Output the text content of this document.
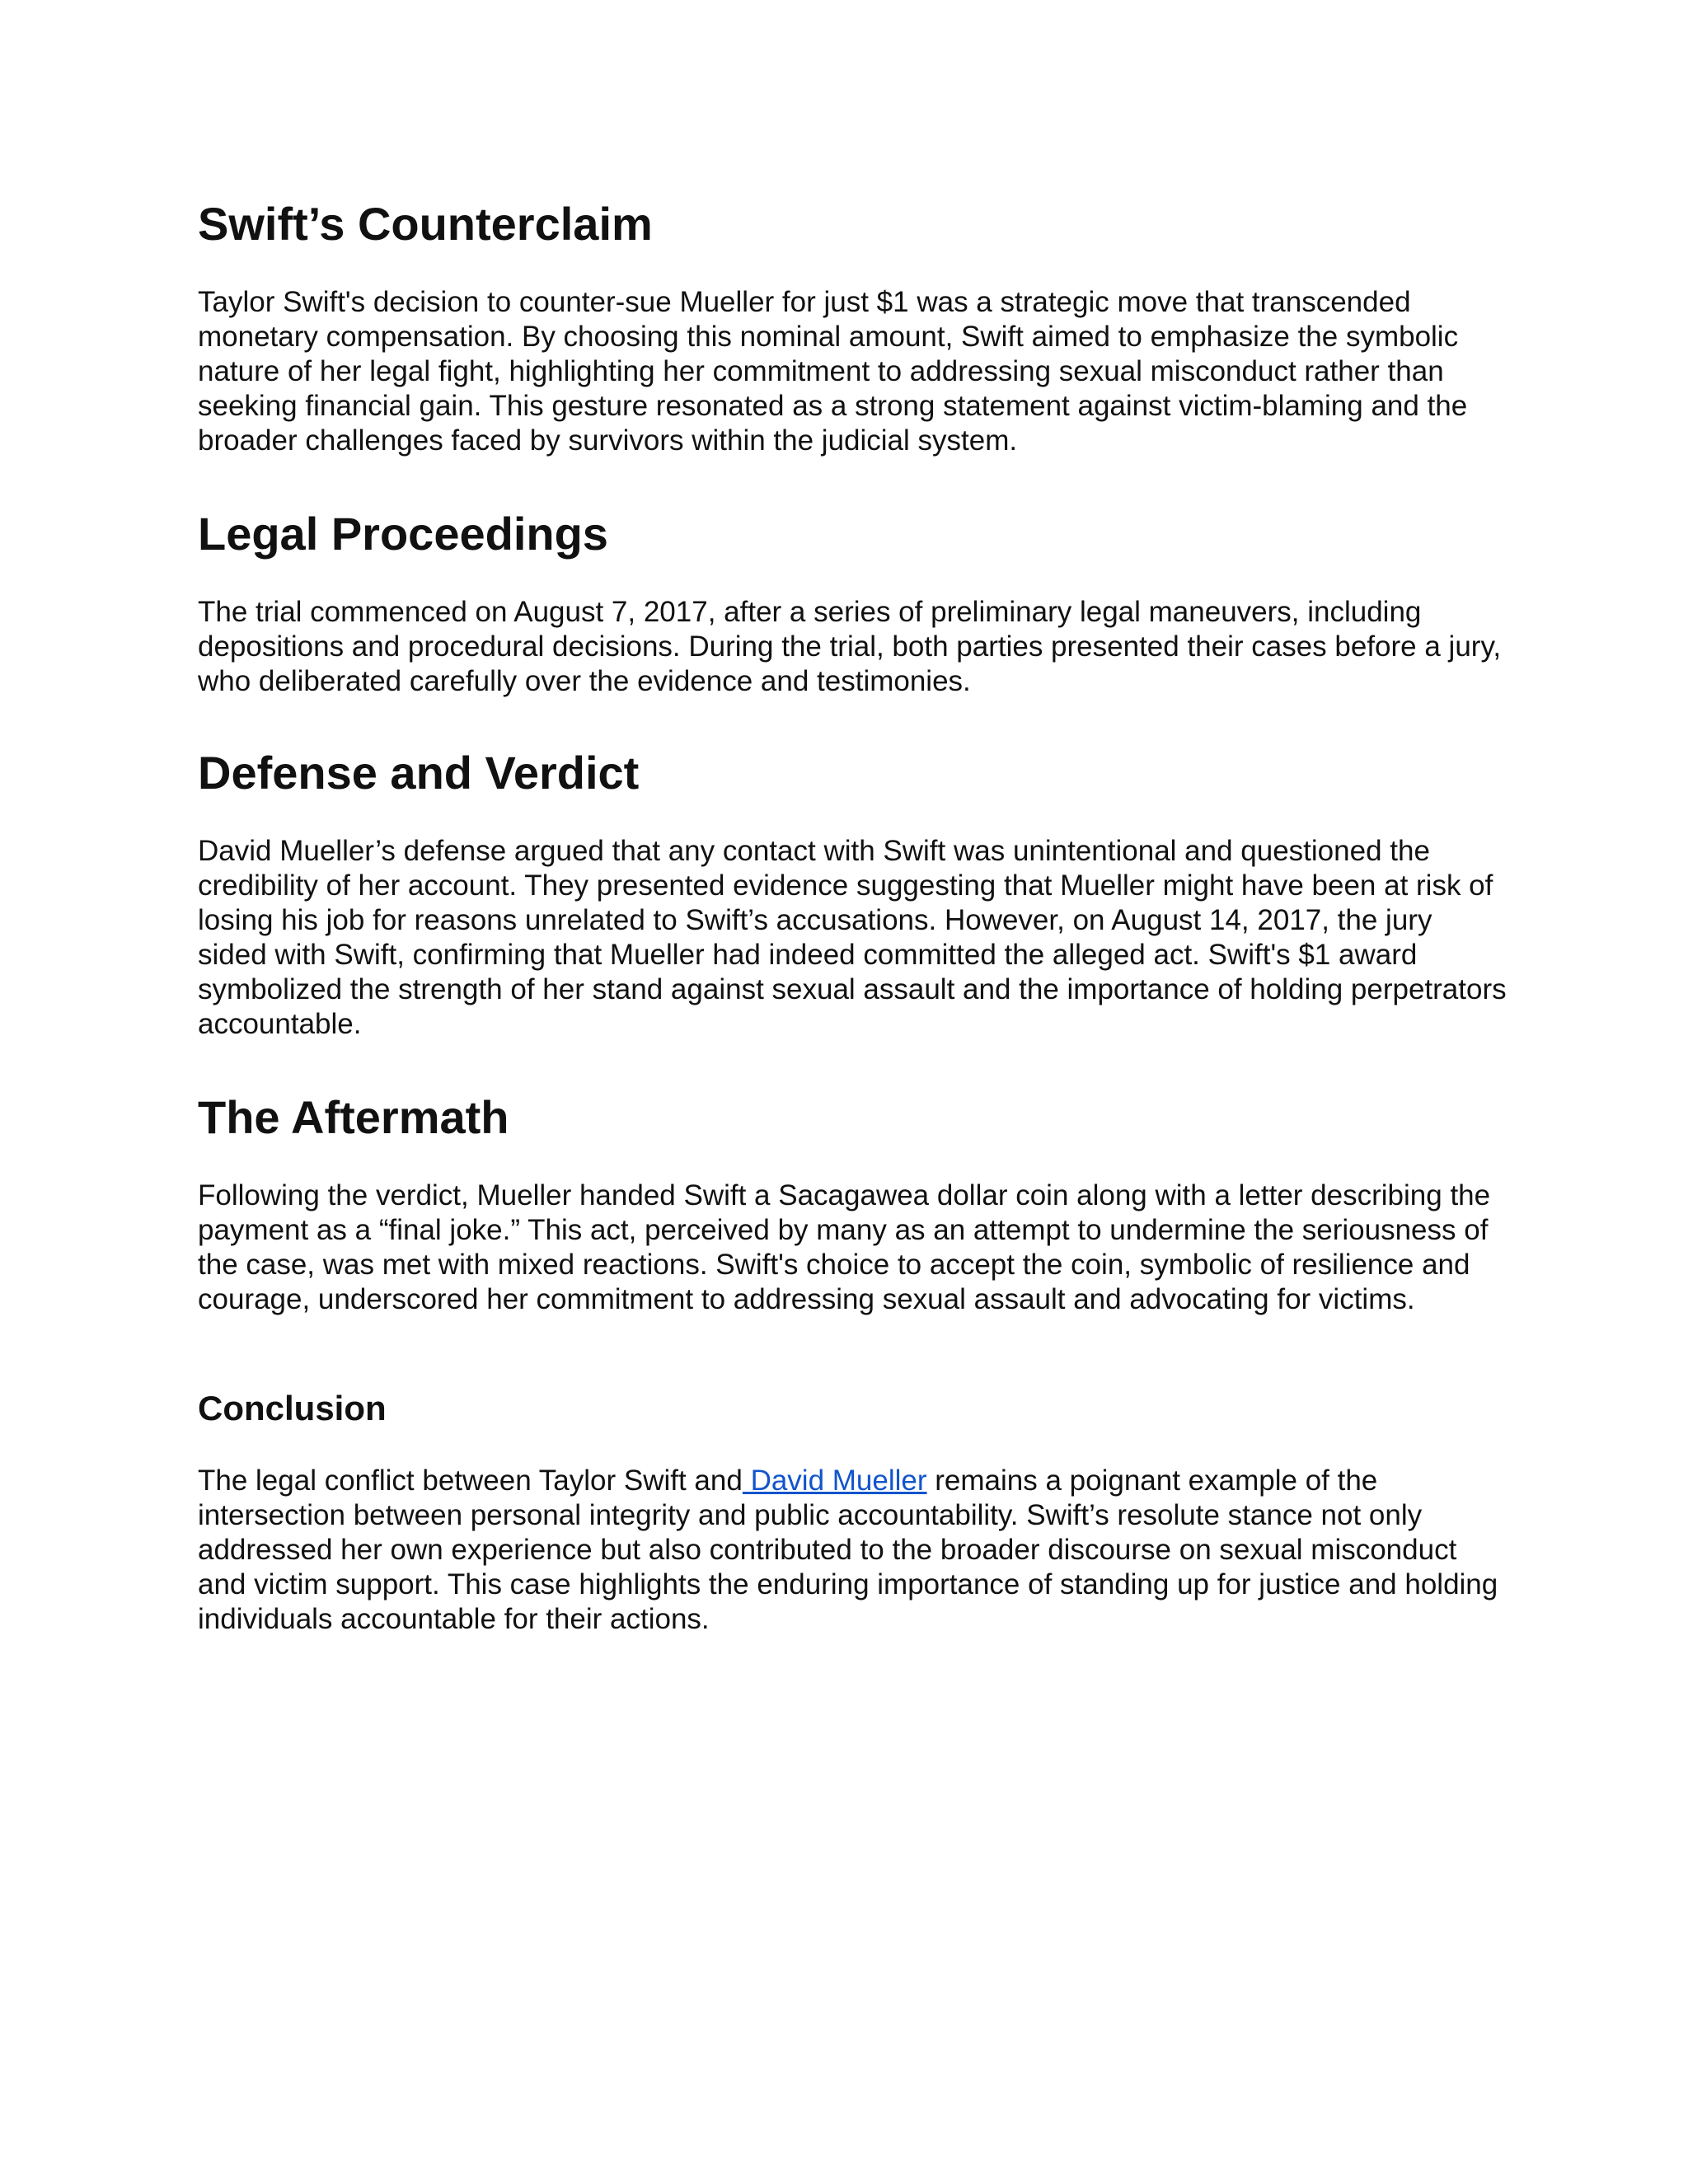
Swift’s Counterclaim

Taylor Swift's decision to counter-sue Mueller for just $1 was a strategic move that transcended monetary compensation. By choosing this nominal amount, Swift aimed to emphasize the symbolic nature of her legal fight, highlighting her commitment to addressing sexual misconduct rather than seeking financial gain. This gesture resonated as a strong statement against victim-blaming and the broader challenges faced by survivors within the judicial system.

Legal Proceedings

The trial commenced on August 7, 2017, after a series of preliminary legal maneuvers, including depositions and procedural decisions. During the trial, both parties presented their cases before a jury, who deliberated carefully over the evidence and testimonies.

Defense and Verdict

David Mueller’s defense argued that any contact with Swift was unintentional and questioned the credibility of her account. They presented evidence suggesting that Mueller might have been at risk of losing his job for reasons unrelated to Swift’s accusations. However, on August 14, 2017, the jury sided with Swift, confirming that Mueller had indeed committed the alleged act. Swift's $1 award symbolized the strength of her stand against sexual assault and the importance of holding perpetrators accountable.

The Aftermath

Following the verdict, Mueller handed Swift a Sacagawea dollar coin along with a letter describing the payment as a “final joke.” This act, perceived by many as an attempt to undermine the seriousness of the case, was met with mixed reactions. Swift's choice to accept the coin, symbolic of resilience and courage, underscored her commitment to addressing sexual assault and advocating for victims.

Conclusion

The legal conflict between Taylor Swift and David Mueller remains a poignant example of the intersection between personal integrity and public accountability. Swift’s resolute stance not only addressed her own experience but also contributed to the broader discourse on sexual misconduct and victim support. This case highlights the enduring importance of standing up for justice and holding individuals accountable for their actions.
